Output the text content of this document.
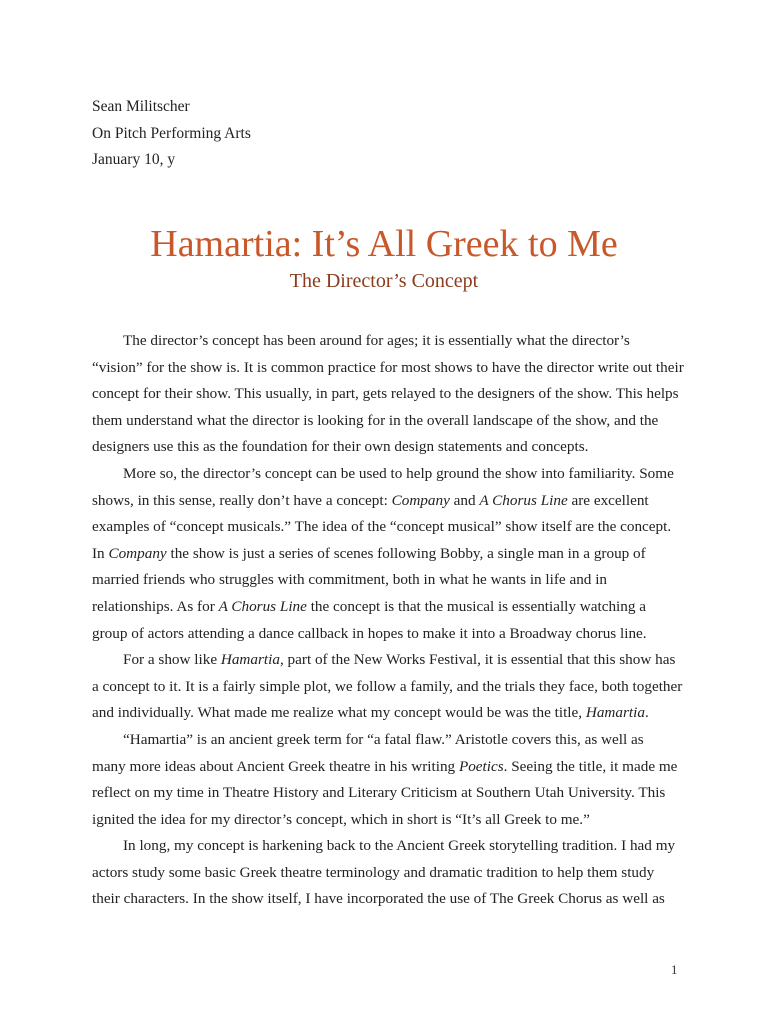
Sean Militscher
On Pitch Performing Arts
January 10, y
Hamartia: It’s All Greek to Me
The Director’s Concept
The director’s concept has been around for ages; it is essentially what the director’s
“vision” for the show is. It is common practice for most shows to have the director write out their
concept for their show. This usually, in part, gets relayed to the designers of the show. This helps
them understand what the director is looking for in the overall landscape of the show, and the
designers use this as the foundation for their own design statements and concepts.
More so, the director’s concept can be used to help ground the show into familiarity. Some
shows, in this sense, really don’t have a concept: Company and A Chorus Line are excellent
examples of “concept musicals.” The idea of the “concept musical” show itself are the concept.
In Company the show is just a series of scenes following Bobby, a single man in a group of
married friends who struggles with commitment, both in what he wants in life and in
relationships. As for A Chorus Line the concept is that the musical is essentially watching a
group of actors attending a dance callback in hopes to make it into a Broadway chorus line.
For a show like Hamartia, part of the New Works Festival, it is essential that this show has
a concept to it. It is a fairly simple plot, we follow a family, and the trials they face, both together
and individually. What made me realize what my concept would be was the title, Hamartia.
“Hamartia” is an ancient greek term for “a fatal flaw.” Aristotle covers this, as well as
many more ideas about Ancient Greek theatre in his writing Poetics. Seeing the title, it made me
reflect on my time in Theatre History and Literary Criticism at Southern Utah University. This
ignited the idea for my director’s concept, which in short is “It’s all Greek to me.”
In long, my concept is harkening back to the Ancient Greek storytelling tradition. I had my
actors study some basic Greek theatre terminology and dramatic tradition to help them study
their characters. In the show itself, I have incorporated the use of The Greek Chorus as well as
1
